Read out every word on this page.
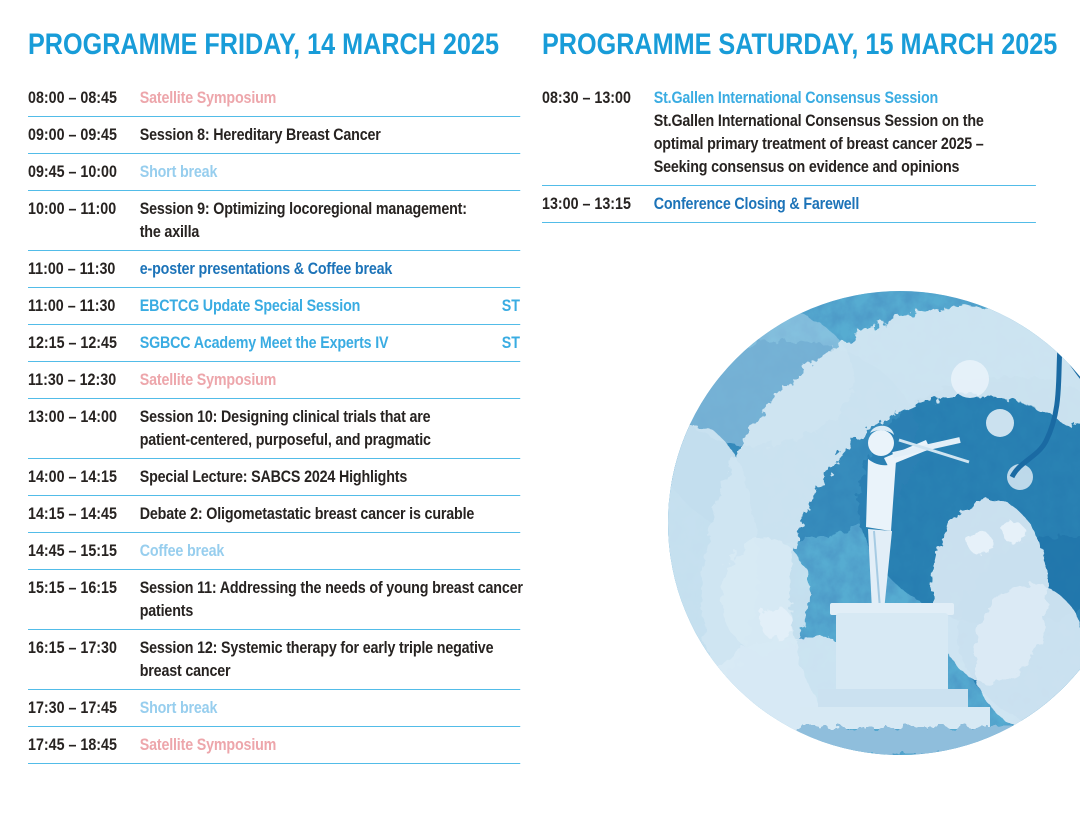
PROGRAMME FRIDAY, 14 MARCH 2025
08:00 – 08:45	Satellite Symposium
09:00 – 09:45	Session 8: Hereditary Breast Cancer
09:45 – 10:00	Short break
10:00 – 11:00	Session 9: Optimizing locoregional management:
the axilla
11:00 – 11:30	e-poster presentations & Coffee break
11:00 – 11:30	EBCTCG Update Special Session	ST
12:15 – 12:45	SGBCC Academy Meet the Experts IV	ST
11:30 – 12:30	Satellite Symposium
13:00 – 14:00	Session 10: Designing clinical trials that are
patient-centered, purposeful, and pragmatic
14:00 – 14:15	Special Lecture: SABCS 2024 Highlights
14:15 – 14:45	Debate 2: Oligometastatic breast cancer is curable
14:45 – 15:15	Coffee break
15:15 – 16:15	Session 11: Addressing the needs of young breast cancer
patients
16:15 – 17:30	Session 12: Systemic therapy for early triple negative
breast cancer
17:30 – 17:45	Short break
17:45 – 18:45	Satellite Symposium
PROGRAMME SATURDAY, 15 MARCH 2025
08:30 – 13:00	St.Gallen International Consensus Session
St.Gallen International Consensus Session on the
optimal primary treatment of breast cancer 2025 –
Seeking consensus on evidence and opinions
13:00 – 13:15	Conference Closing & Farewell
